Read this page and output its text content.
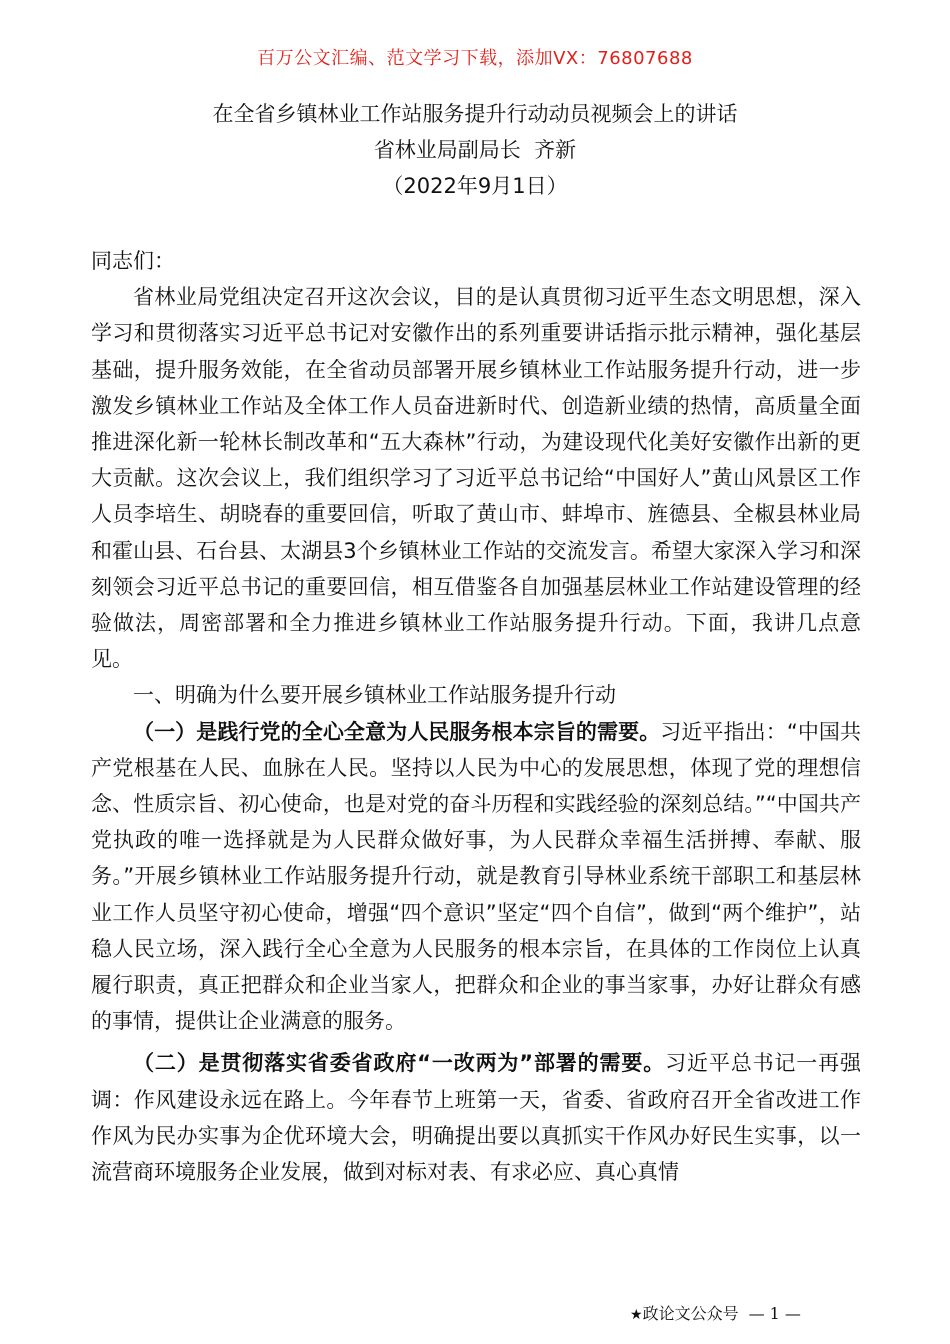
百万公文汇编、范文学习下载，添加VX：76807688
在全省乡镇林业工作站服务提升行动动员视频会上的讲话
省林业局副局长  齐新
（2022年9月1日）

同志们：

省林业局党组决定召开这次会议，目的是认真贯彻习近平生态文明思想，深入学习和贯彻落实习近平总书记对安徽作出的系列重要讲话指示批示精神，强化基层基础，提升服务效能，在全省动员部署开展乡镇林业工作站服务提升行动，进一步激发乡镇林业工作站及全体工作人员奋进新时代、创造新业绩的热情，高质量全面推进深化新一轮林长制改革和“五大森林”行动，为建设现代化美好安徽作出新的更大贡献。这次会议上，我们组织学习了习近平总书记给“中国好人”黄山风景区工作人员李培生、胡晓春的重要回信，听取了黄山市、蚌埠市、旌德县、全椒县林业局和霍山县、石台县、太湖县3个乡镇林业工作站的交流发言。希望大家深入学习和深刻领会习近平总书记的重要回信，相互借鉴各自加强基层林业工作站建设管理的经验做法，周密部署和全力推进乡镇林业工作站服务提升行动。下面，我讲几点意见。

一、明确为什么要开展乡镇林业工作站服务提升行动

（一）是践行党的全心全意为人民服务根本宗旨的需要。习近平指出：“中国共产党根基在人民、血脉在人民。坚持以人民为中心的发展思想，体现了党的理想信念、性质宗旨、初心使命，也是对党的奋斗历程和实践经验的深刻总结。”“中国共产党执政的唯一选择就是为人民群众做好事，为人民群众幸福生活拼搏、奉献、服务。”开展乡镇林业工作站服务提升行动，就是教育引导林业系统干部职工和基层林业工作人员坚守初心使命，增强“四个意识”坚定“四个自信”，做到“两个维护”，站稳人民立场，深入践行全心全意为人民服务的根本宗旨，在具体的工作岗位上认真履行职责，真正把群众和企业当家人，把群众和企业的事当家事，办好让群众有感的事情，提供让企业满意的服务。

（二）是贯彻落实省委省政府“一改两为”部署的需要。习近平总书记一再强调：作风建设永远在路上。今年春节上班第一天，省委、省政府召开全省改进工作作风为民办实事为企优环境大会，明确提出要以真抓实干作风办好民生实事，以一流营商环境服务企业发展，做到对标对表、有求必应、真心真情

★政论文公众号 — 1 —
